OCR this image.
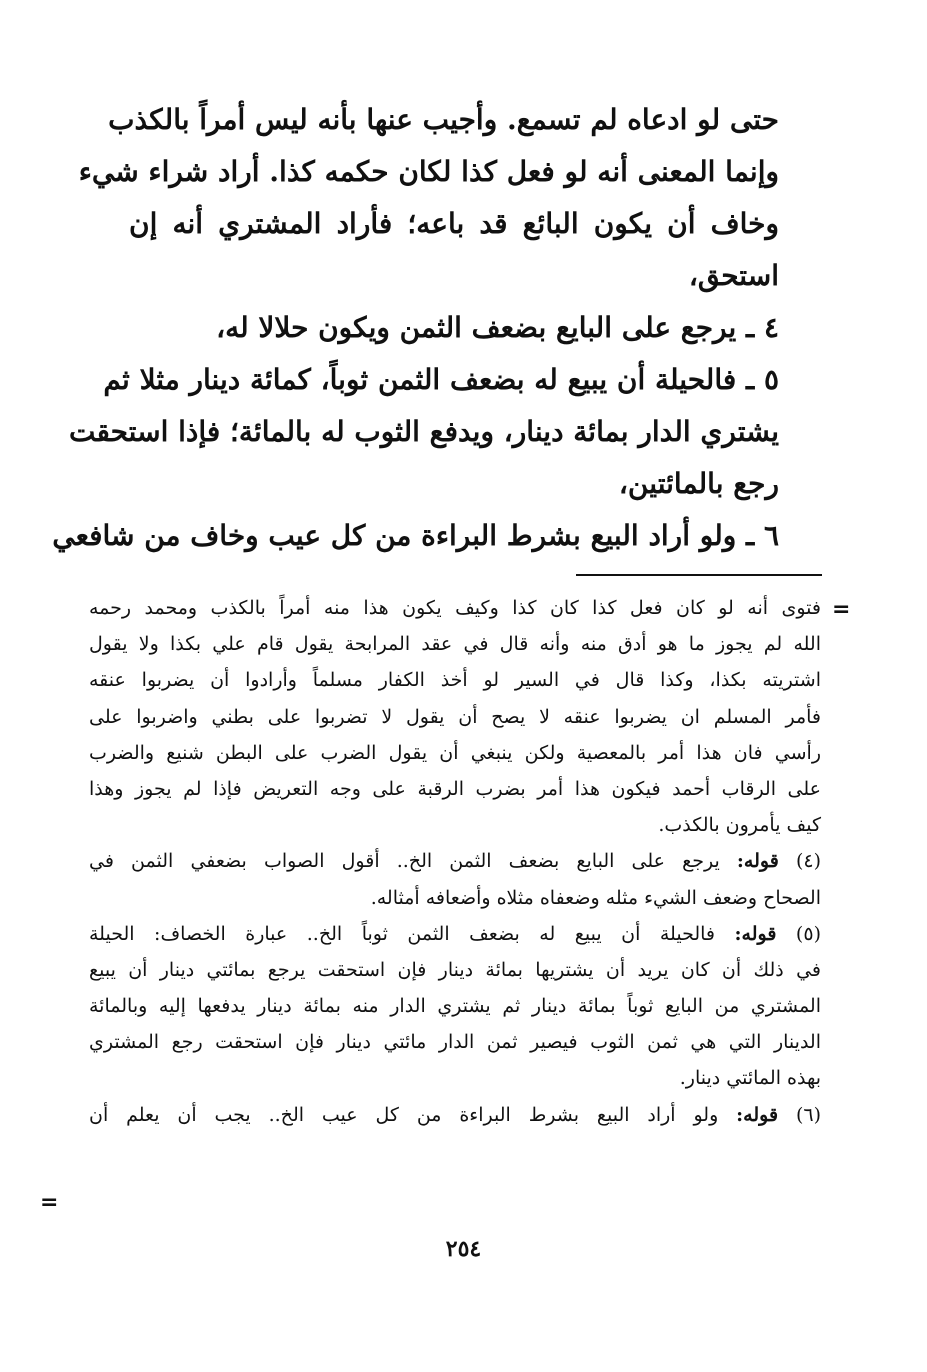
حتى لو ادعاه لم تسمع. وأجيب عنها بأنه ليس أمراً بالكذب
وإنما المعنى أنه لو فعل كذا لكان حكمه كذا. أراد شراء شيء
وخاف أن يكون البائع قد باعه؛ فأراد المشتري أنه إن
استحق،
٤ ـ يرجع على البايع بضعف الثمن ويكون حلالا له،
٥ ـ فالحيلة أن يبيع له بضعف الثمن ثوباً، كمائة دينار مثلا ثم
يشتري الدار بمائة دينار، ويدفع الثوب له بالمائة؛ فإذا استحقت
رجع بالمائتين،
٦ ـ ولو أراد البيع بشرط البراءة من كل عيب وخاف من شافعي
=
فتوى أنه لو كان فعل كذا كان كذا وكيف يكون هذا منه أمراً بالكذب ومحمد رحمه
الله لم يجوز ما هو أدق منه وأنه قال في عقد المرابحة يقول قام علي بكذا ولا يقول
اشتريته بكذا، وكذا قال في السير لو أخذ الكفار مسلماً وأرادوا أن يضربوا عنقه
فأمر المسلم ان يضربوا عنقه لا يصح أن يقول لا تضربوا على بطني واضربوا على
رأسي فان هذا أمر بالمعصية ولكن ينبغي أن يقول الضرب على البطن شنيع والضرب
على الرقاب أحمد فيكون هذا أمر بضرب الرقبة على وجه التعريض فإذا لم يجوز وهذا
كيف يأمرون بالكذب.
(٤) قوله: يرجع على البايع بضعف الثمن الخ.. أقول الصواب بضعفي الثمن في
الصحاح وضعف الشيء مثله وضعفاه مثلاه وأضعافه أمثاله.
(٥) قوله: فالحيلة أن يبيع له بضعف الثمن ثوباً الخ.. عبارة الخصاف: الحيلة
في ذلك أن كان يريد أن يشتريها بمائة دينار فإن استحقت يرجع بمائتي دينار أن يبيع
المشتري من البايع ثوباً بمائة دينار ثم يشتري الدار منه بمائة دينار يدفعها إليه وبالمائة
الدينار التي هي ثمن الثوب فيصير ثمن الدار مائتي دينار فإن استحقت رجع المشتري
بهذه المائتي دينار.
(٦) قوله: ولو أراد البيع بشرط البراءة من كل عيب الخ.. يجب أن يعلم أن
=
٢٥٤
